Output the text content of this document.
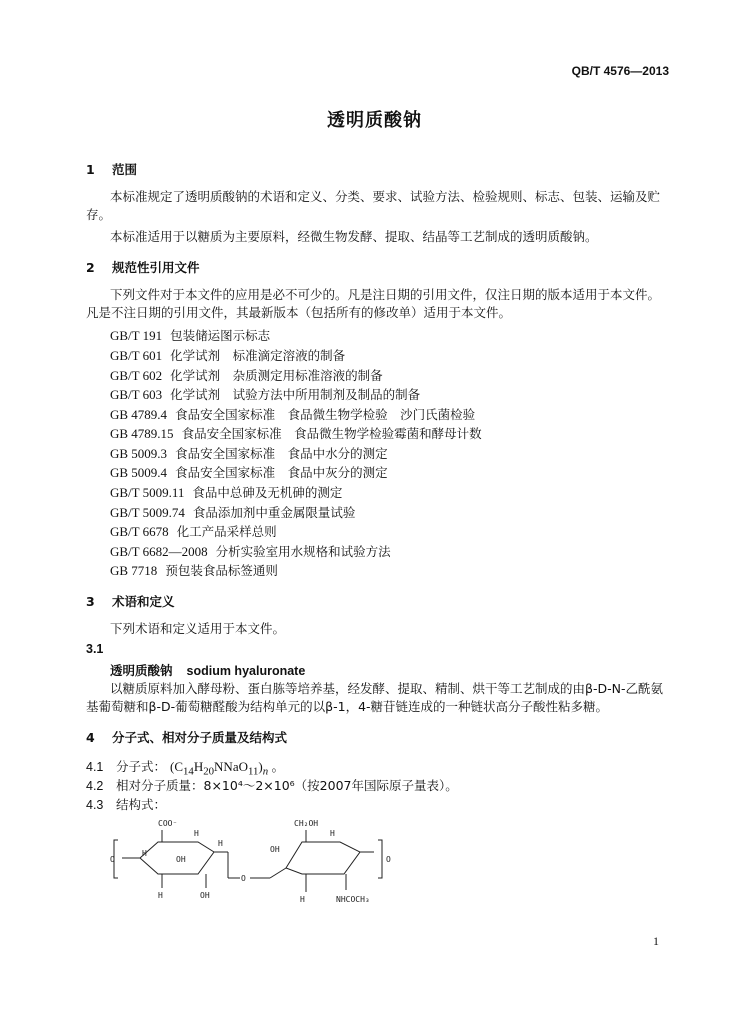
QB/T 4576—2013
透明质酸钠
1 范围
本标准规定了透明质酸钠的术语和定义、分类、要求、试验方法、检验规则、标志、包装、运输及贮存。
本标准适用于以糖质为主要原料，经微生物发酵、提取、结晶等工艺制成的透明质酸钠。
2 规范性引用文件
下列文件对于本文件的应用是必不可少的。凡是注日期的引用文件，仅注日期的版本适用于本文件。凡是不注日期的引用文件，其最新版本（包括所有的修改单）适用于本文件。
GB/T 191 包装储运图示标志
GB/T 601 化学试剂　标准滴定溶液的制备
GB/T 602 化学试剂　杂质测定用标准溶液的制备
GB/T 603 化学试剂　试验方法中所用制剂及制品的制备
GB 4789.4 食品安全国家标准　食品微生物学检验　沙门氏菌检验
GB 4789.15 食品安全国家标准　食品微生物学检验霉菌和酵母计数
GB 5009.3 食品安全国家标准　食品中水分的测定
GB 5009.4 食品安全国家标准　食品中灰分的测定
GB/T 5009.11 食品中总砷及无机砷的测定
GB/T 5009.74 食品添加剂中重金属限量试验
GB/T 6678 化工产品采样总则
GB/T 6682—2008 分析实验室用水规格和试验方法
GB 7718 预包装食品标签通则
3 术语和定义
下列术语和定义适用于本文件。
3.1
透明质酸钠 sodium hyaluronate
以糖质原料加入酵母粉、蛋白胨等培养基，经发酵、提取、精制、烘干等工艺制成的由β-D-N-乙酰氨基葡萄糖和β-D-葡萄糖醛酸为结构单元的以β-1，4-糖苷链连成的一种链状高分子酸性粘多糖。
4 分子式、相对分子质量及结构式
4.1 分子式： $(C_{14}H_{20}NNaO_{11})_n$ 。
4.2 相对分子质量：8×10⁴～2×10⁶（按2007年国际原子量表）。
4.3 结构式：
COO⁻	CH₂OH
O
H
H
OH
H
H	OH
O
OH
H
H	NHCOCH₃
O
1
